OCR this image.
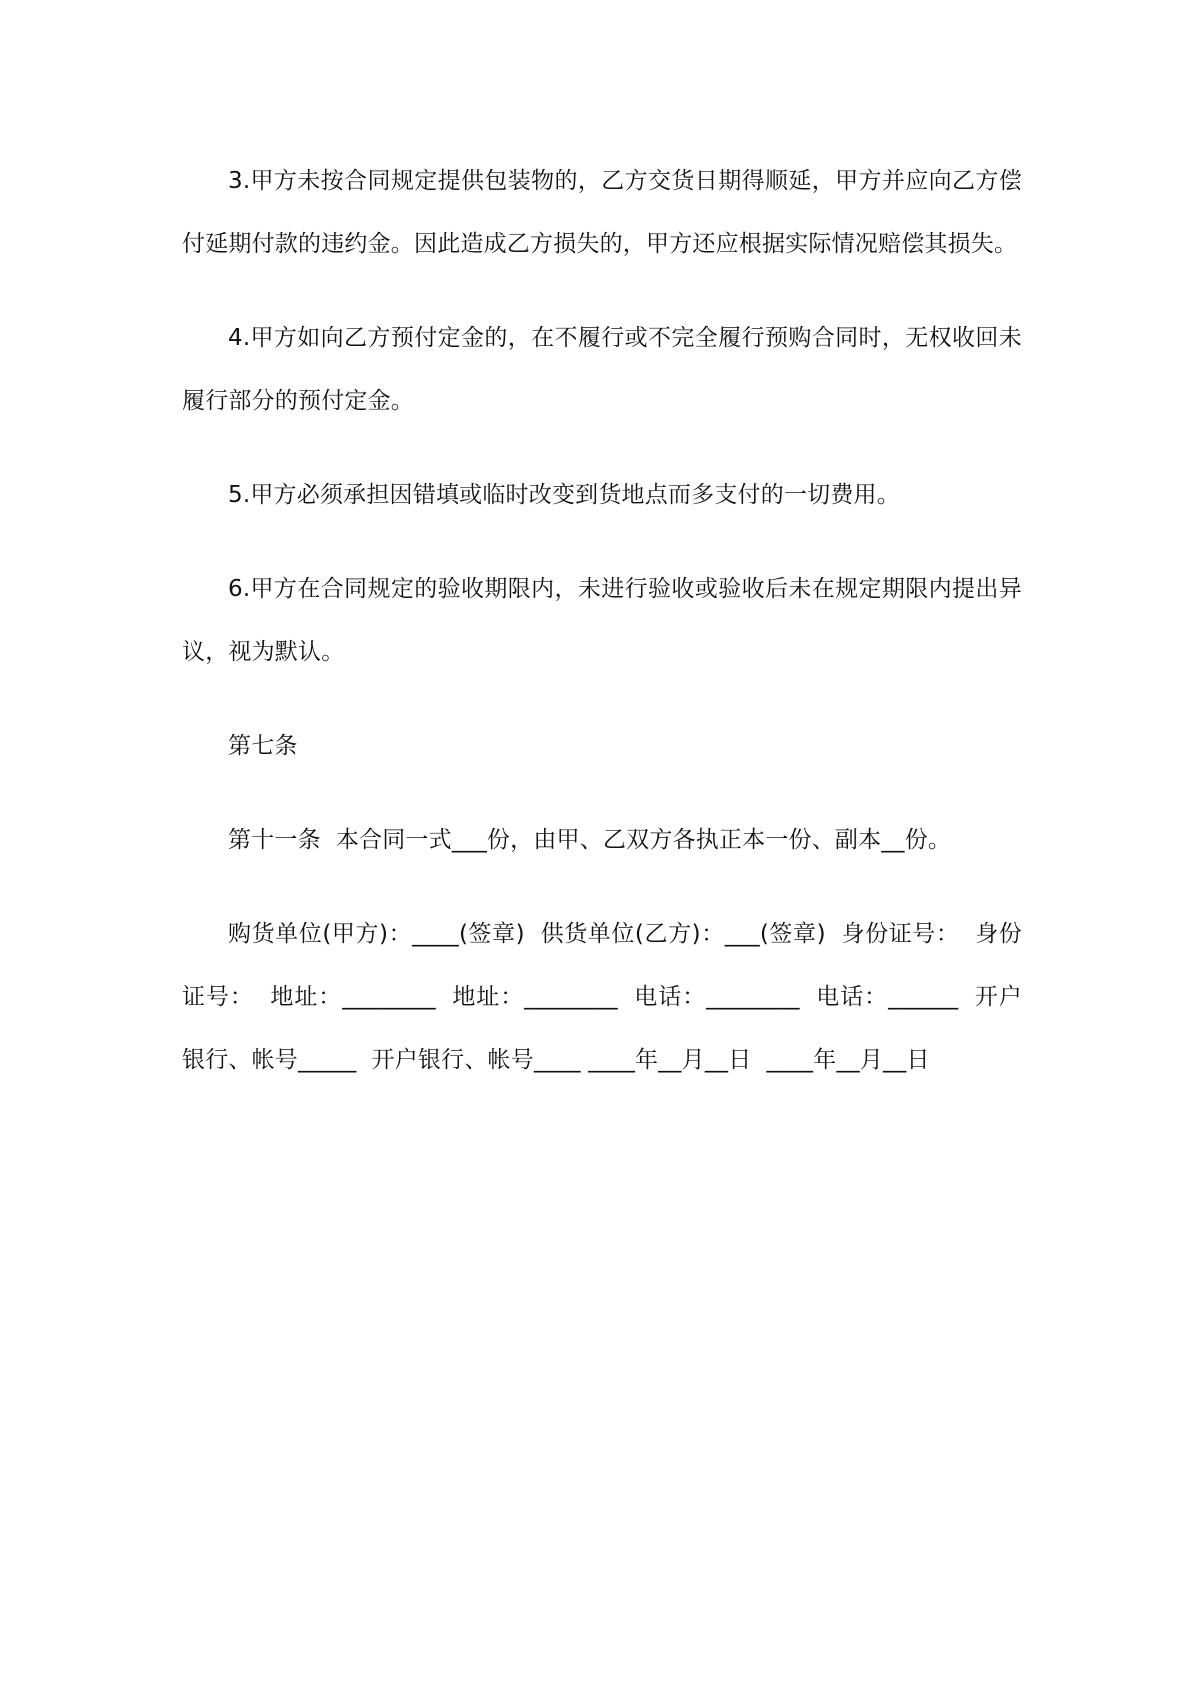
3.甲方未按合同规定提供包装物的，乙方交货日期得顺延，甲方并应向乙方偿付延期付款的违约金。因此造成乙方损失的，甲方还应根据实际情况赔偿其损失。

4.甲方如向乙方预付定金的，在不履行或不完全履行预购合同时，无权收回未履行部分的预付定金。

5.甲方必须承担因错填或临时改变到货地点而多支付的一切费用。

6.甲方在合同规定的验收期限内，未进行验收或验收后未在规定期限内提出异议，视为默认。

第七条

第十一条  本合同一式___份，由甲、乙双方各执正本一份、副本__份。

购货单位(甲方)：____(签章)  供货单位(乙方)：___(签章)  身份证号：  身份证号：  地址：________  地址：________  电话：________  电话：______  开户银行、帐号_____  开户银行、帐号____ ____年__月__日  ____年__月__日
